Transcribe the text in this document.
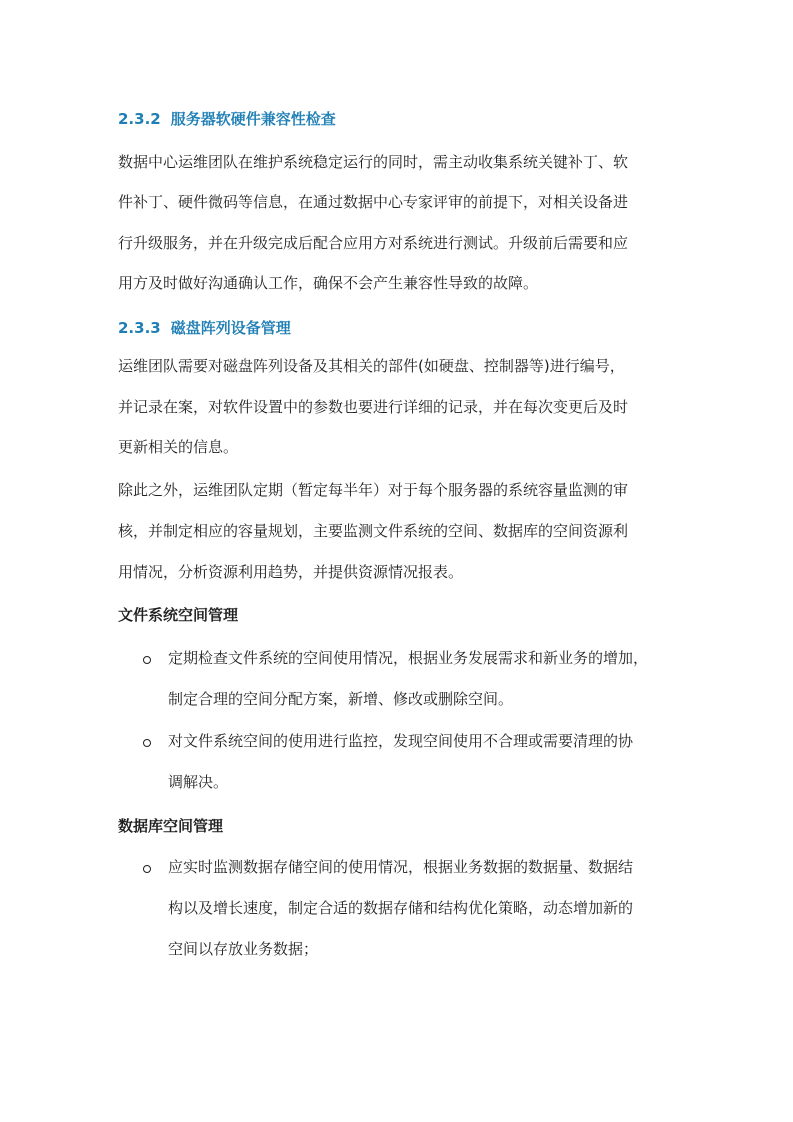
2.3.2 服务器软硬件兼容性检查
数据中心运维团队在维护系统稳定运行的同时，需主动收集系统关键补丁、软
件补丁、硬件微码等信息，在通过数据中心专家评审的前提下，对相关设备进
行升级服务，并在升级完成后配合应用方对系统进行测试。升级前后需要和应
用方及时做好沟通确认工作，确保不会产生兼容性导致的故障。
2.3.3 磁盘阵列设备管理
运维团队需要对磁盘阵列设备及其相关的部件(如硬盘、控制器等)进行编号，
并记录在案，对软件设置中的参数也要进行详细的记录，并在每次变更后及时
更新相关的信息。
除此之外，运维团队定期（暂定每半年）对于每个服务器的系统容量监测的审
核，并制定相应的容量规划，主要监测文件系统的空间、数据库的空间资源利
用情况，分析资源利用趋势，并提供资源情况报表。
文件系统空间管理
定期检查文件系统的空间使用情况，根据业务发展需求和新业务的增加，
制定合理的空间分配方案，新增、修改或删除空间。
对文件系统空间的使用进行监控，发现空间使用不合理或需要清理的协
调解决。
数据库空间管理
应实时监测数据存储空间的使用情况，根据业务数据的数据量、数据结
构以及增长速度，制定合适的数据存储和结构优化策略，动态增加新的
空间以存放业务数据；
